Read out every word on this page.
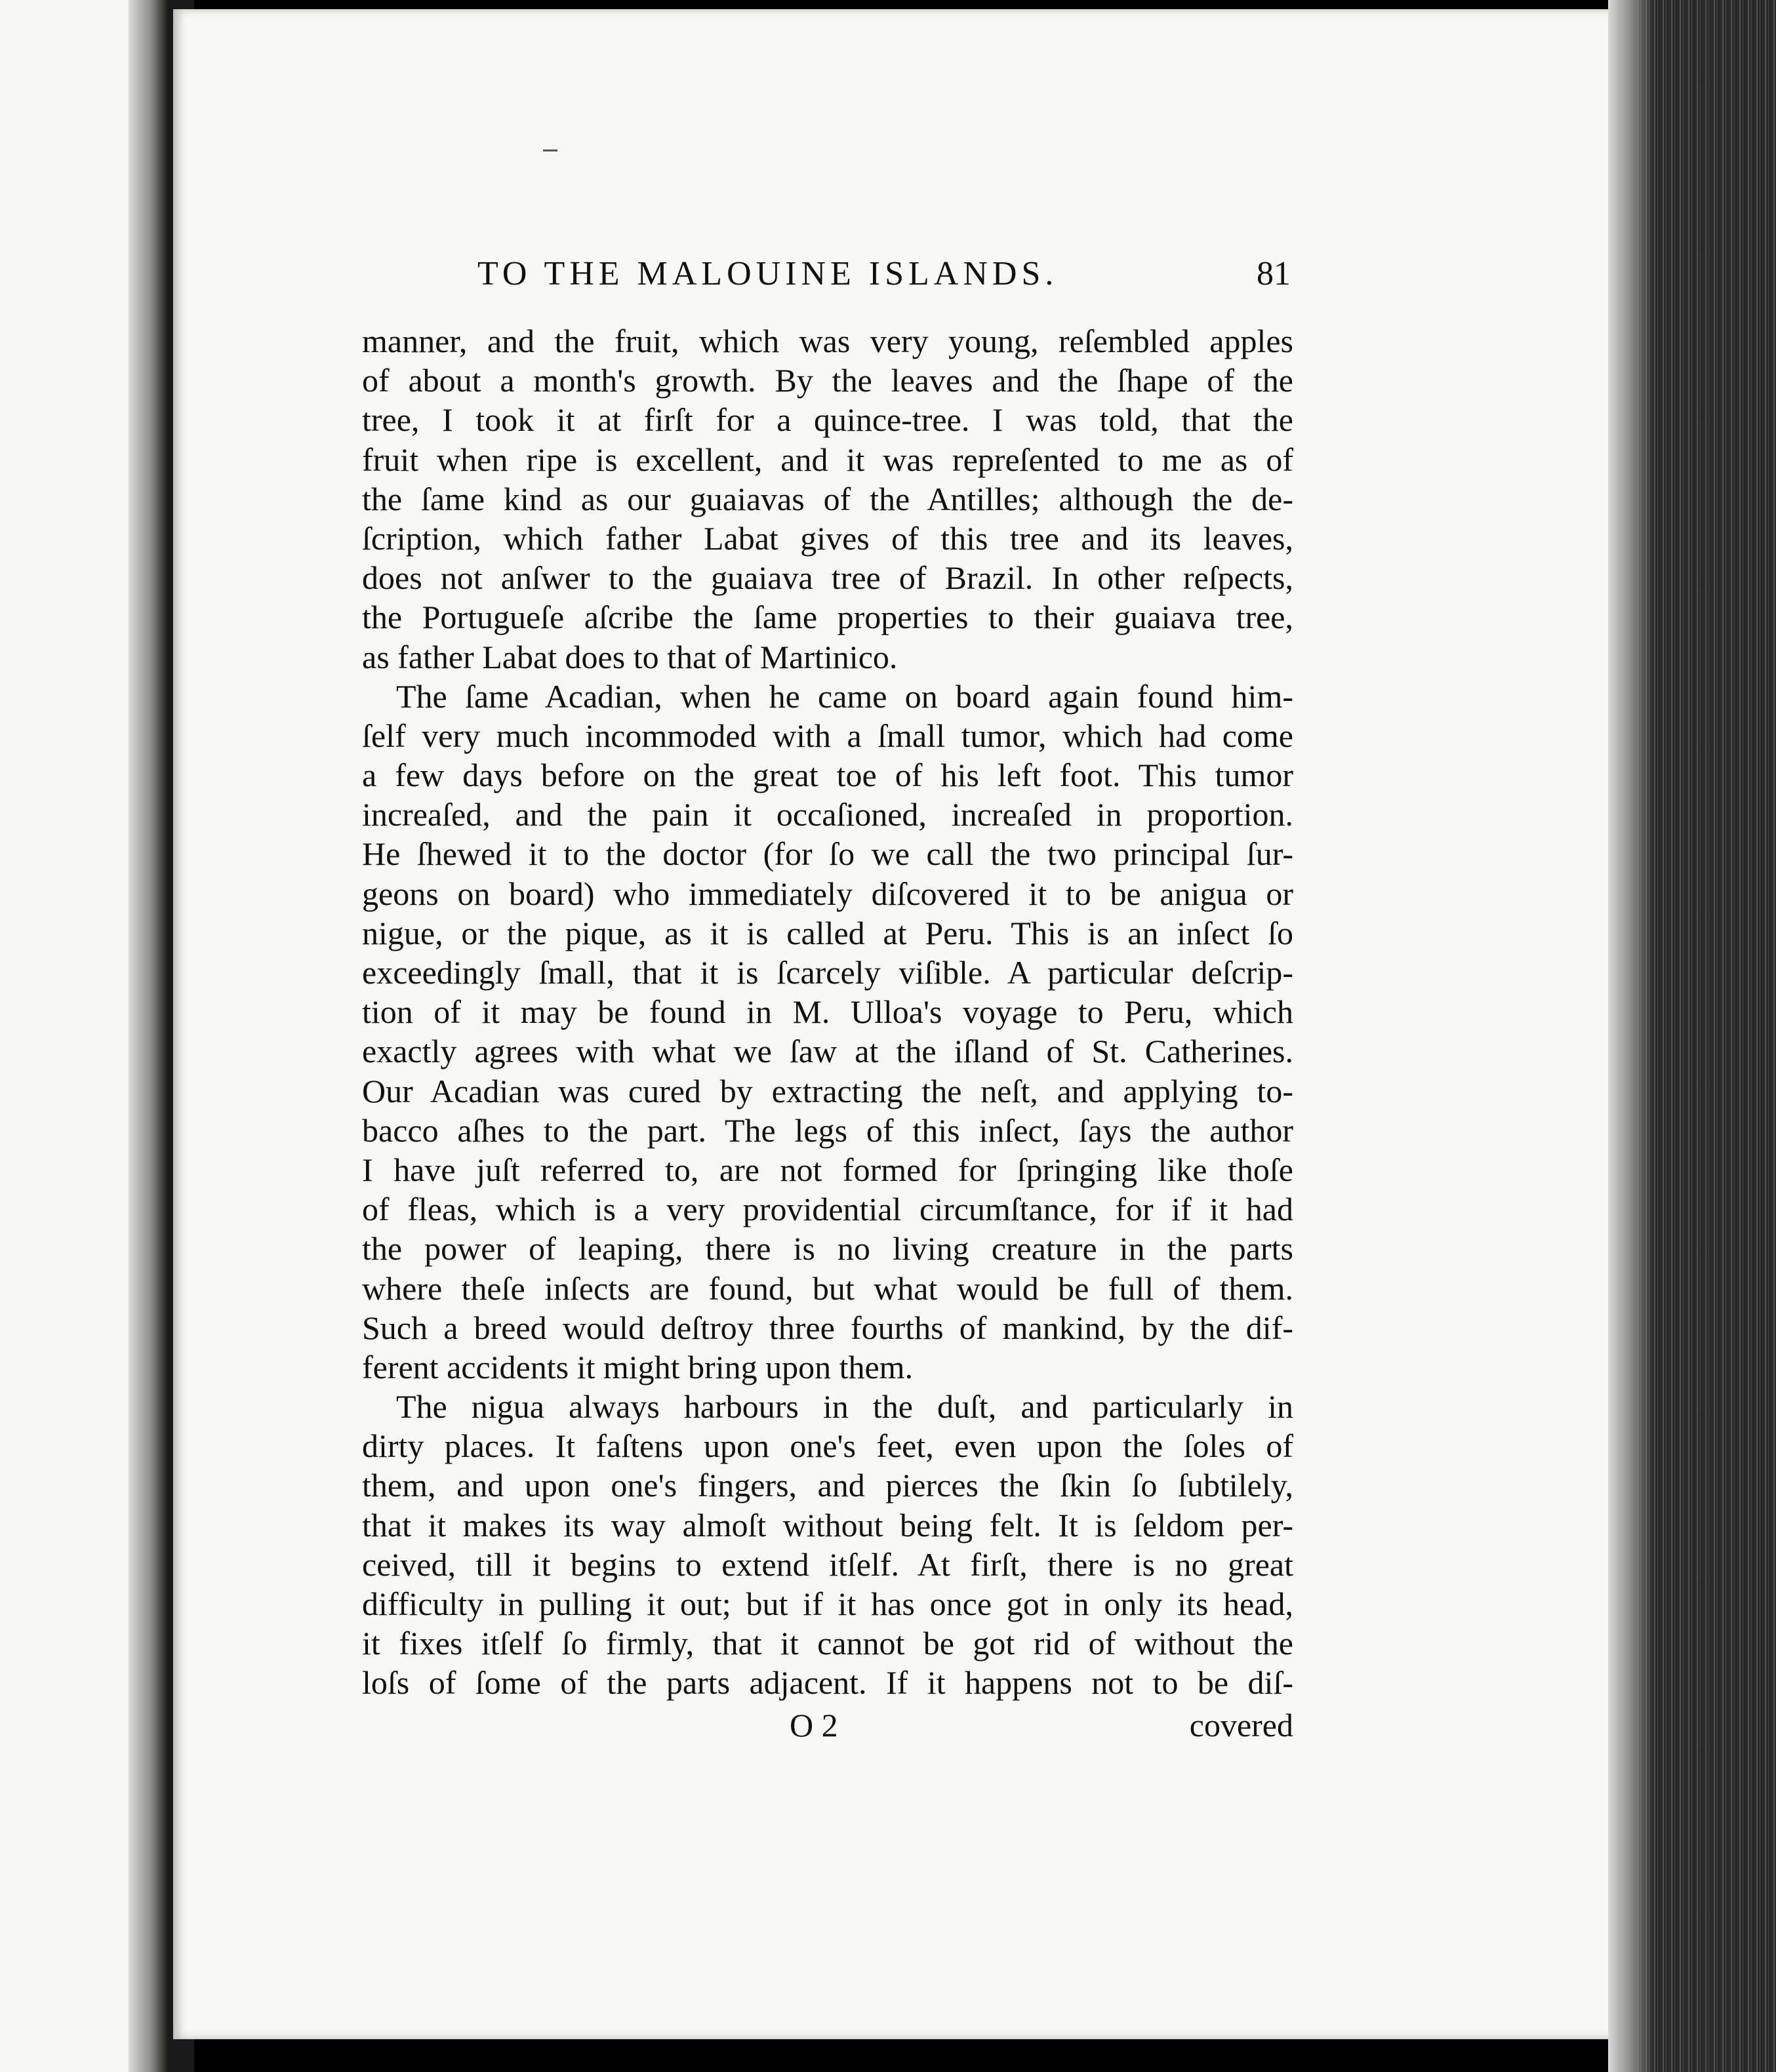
TO THE MALOUINE ISLANDS.	81
manner, and the fruit, which was very young, reſembled apples
of about a month's growth. By the leaves and the ſhape of the
tree, I took it at firſt for a quince-tree. I was told, that the
fruit when ripe is excellent, and it was repreſented to me as of
the ſame kind as our guaiavas of the Antilles; although the de-
ſcription, which father Labat gives of this tree and its leaves,
does not anſwer to the guaiava tree of Brazil. In other reſpects,
the Portugueſe aſcribe the ſame properties to their guaiava tree,
as father Labat does to that of Martinico.
The ſame Acadian, when he came on board again found him-
ſelf very much incommoded with a ſmall tumor, which had come
a few days before on the great toe of his left foot. This tumor
increaſed, and the pain it occaſioned, increaſed in proportion.
He ſhewed it to the doctor (for ſo we call the two principal ſur-
geons on board) who immediately diſcovered it to be anigua or
nigue, or the pique, as it is called at Peru. This is an inſect ſo
exceedingly ſmall, that it is ſcarcely viſible. A particular deſcrip-
tion of it may be found in M. Ulloa's voyage to Peru, which
exactly agrees with what we ſaw at the iſland of St. Catherines.
Our Acadian was cured by extracting the neſt, and applying to-
bacco aſhes to the part. The legs of this inſect, ſays the author
I have juſt referred to, are not formed for ſpringing like thoſe
of fleas, which is a very providential circumſtance, for if it had
the power of leaping, there is no living creature in the parts
where theſe inſects are found, but what would be full of them.
Such a breed would deſtroy three fourths of mankind, by the dif-
ferent accidents it might bring upon them.
The nigua always harbours in the duſt, and particularly in
dirty places. It faſtens upon one's feet, even upon the ſoles of
them, and upon one's fingers, and pierces the ſkin ſo ſubtilely,
that it makes its way almoſt without being felt. It is ſeldom per-
ceived, till it begins to extend itſelf. At firſt, there is no great
difficulty in pulling it out; but if it has once got in only its head,
it fixes itſelf ſo firmly, that it cannot be got rid of without the
loſs of ſome of the parts adjacent. If it happens not to be diſ-
O 2	covered
